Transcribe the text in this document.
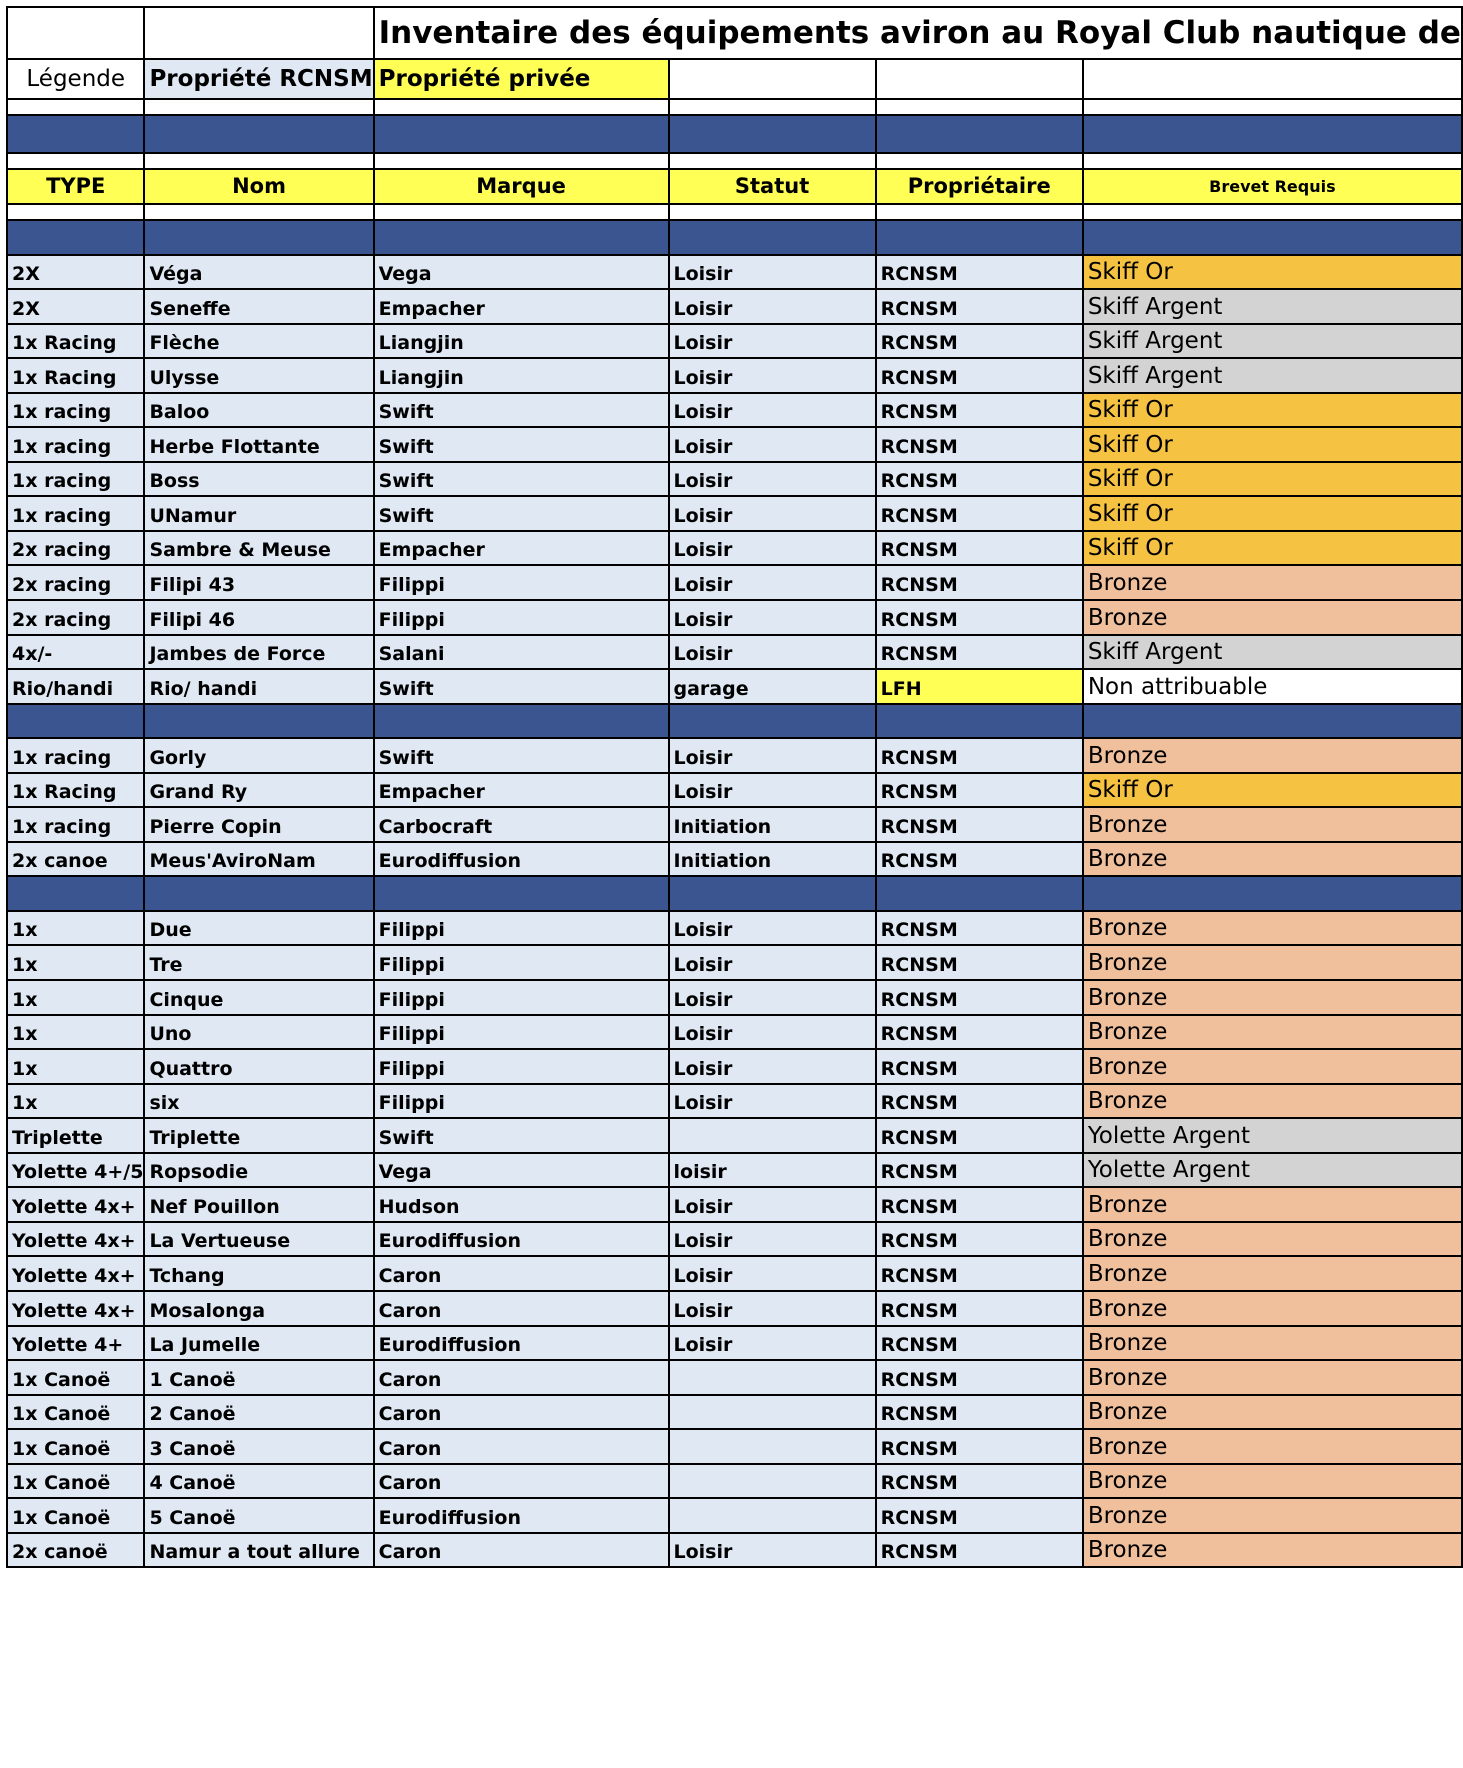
		Inventaire des équipements aviron au Royal Club nautique de			
Légende	Propriété RCNSM	Propriété privée			

TYPE	Nom	Marque	Statut	Propriétaire	Brevet Requis

2X	Véga	Vega	Loisir	RCNSM	Skiff Or
2X	Seneffe	Empacher	Loisir	RCNSM	Skiff Argent
1x Racing	Flèche	Liangjin	Loisir	RCNSM	Skiff Argent
1x Racing	Ulysse	Liangjin	Loisir	RCNSM	Skiff Argent
1x racing	Baloo	Swift	Loisir	RCNSM	Skiff Or
1x racing	Herbe Flottante	Swift	Loisir	RCNSM	Skiff Or
1x racing	Boss	Swift	Loisir	RCNSM	Skiff Or
1x racing	UNamur	Swift	Loisir	RCNSM	Skiff Or
2x racing	Sambre & Meuse	Empacher	Loisir	RCNSM	Skiff Or
2x racing	Filipi 43	Filippi	Loisir	RCNSM	Bronze
2x racing	Filipi 46	Filippi	Loisir	RCNSM	Bronze
4x/-	Jambes de Force	Salani	Loisir	RCNSM	Skiff Argent
Rio/handi	Rio/ handi	Swift	garage	LFH	Non attribuable

1x racing	Gorly	Swift	Loisir	RCNSM	Bronze
1x Racing	Grand Ry	Empacher	Loisir	RCNSM	Skiff Or
1x racing	Pierre Copin	Carbocraft	Initiation	RCNSM	Bronze
2x canoe	Meus'AviroNam	Eurodiffusion	Initiation	RCNSM	Bronze

1x	Due	Filippi	Loisir	RCNSM	Bronze
1x	Tre	Filippi	Loisir	RCNSM	Bronze
1x	Cinque	Filippi	Loisir	RCNSM	Bronze
1x	Uno	Filippi	Loisir	RCNSM	Bronze
1x	Quattro	Filippi	Loisir	RCNSM	Bronze
1x	six	Filippi	Loisir	RCNSM	Bronze
Triplette	Triplette	Swift		RCNSM	Yolette Argent
Yolette 4+/5	Ropsodie	Vega	loisir	RCNSM	Yolette Argent
Yolette 4x+	Nef Pouillon	Hudson	Loisir	RCNSM	Bronze
Yolette 4x+	La Vertueuse	Eurodiffusion	Loisir	RCNSM	Bronze
Yolette 4x+	Tchang	Caron	Loisir	RCNSM	Bronze
Yolette 4x+	Mosalonga	Caron	Loisir	RCNSM	Bronze
Yolette 4+	La Jumelle	Eurodiffusion	Loisir	RCNSM	Bronze
1x Canoë	1 Canoë	Caron		RCNSM	Bronze
1x Canoë	2 Canoë	Caron		RCNSM	Bronze
1x Canoë	3 Canoë	Caron		RCNSM	Bronze
1x Canoë	4 Canoë	Caron		RCNSM	Bronze
1x Canoë	5 Canoë	Eurodiffusion		RCNSM	Bronze
2x canoë	Namur a tout allure	Caron	Loisir	RCNSM	Bronze
